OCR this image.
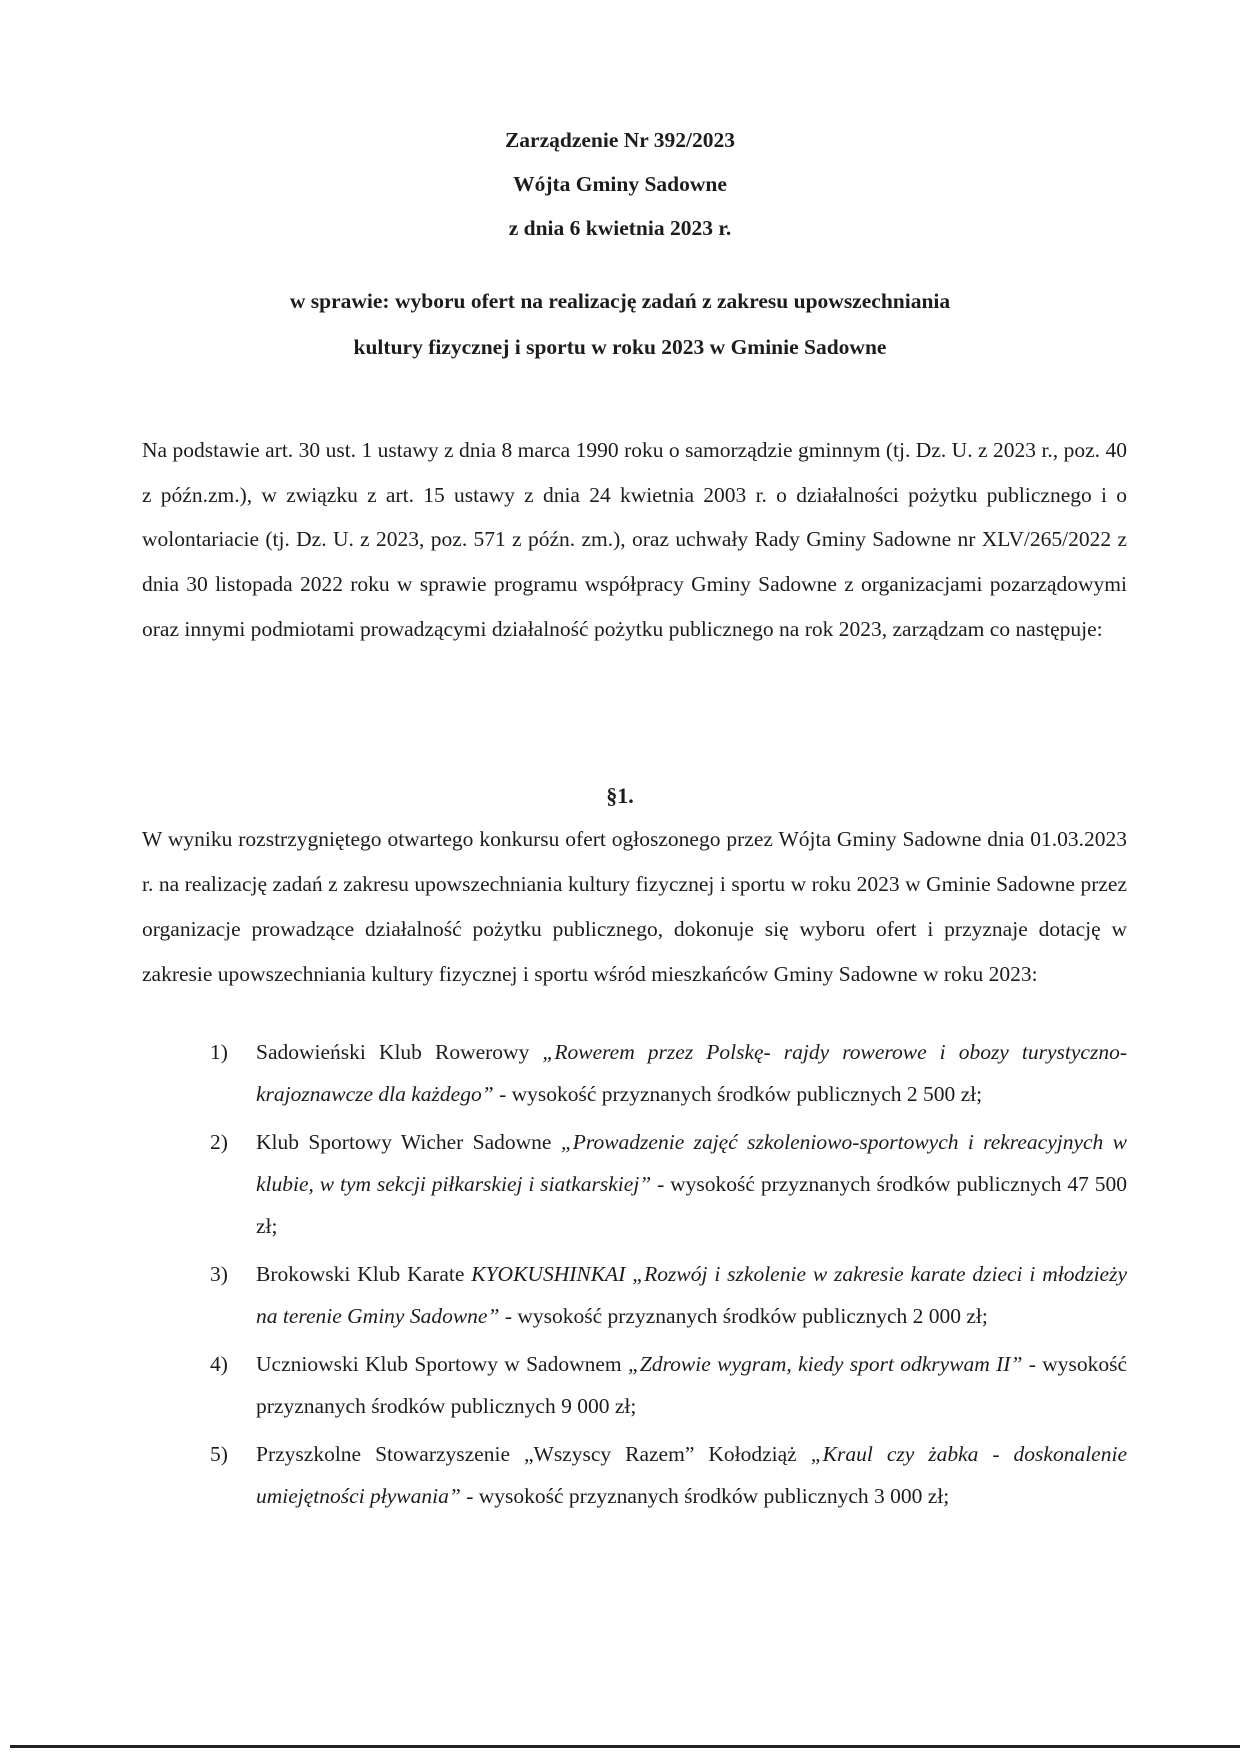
Zarządzenie Nr 392/2023
Wójta Gminy Sadowne
z dnia 6 kwietnia 2023 r.
w sprawie: wyboru ofert na realizację zadań z zakresu upowszechniania
kultury fizycznej i sportu w roku 2023 w Gminie Sadowne
Na podstawie art. 30 ust. 1 ustawy z dnia 8 marca 1990 roku o samorządzie gminnym (tj. Dz. U. z 2023 r., poz. 40 z późn.zm.), w związku z art. 15 ustawy z dnia 24 kwietnia 2003 r. o działalności pożytku publicznego i o wolontariacie (tj. Dz. U. z 2023, poz. 571 z późn. zm.), oraz uchwały Rady Gminy Sadowne nr XLV/265/2022 z dnia 30 listopada 2022 roku w sprawie programu współpracy Gminy Sadowne z organizacjami pozarządowymi oraz innymi podmiotami prowadzącymi działalność pożytku publicznego na rok 2023, zarządzam co następuje:
§1.
W wyniku rozstrzygniętego otwartego konkursu ofert ogłoszonego przez Wójta Gminy Sadowne dnia 01.03.2023 r. na realizację zadań z zakresu upowszechniania kultury fizycznej i sportu w roku 2023 w Gminie Sadowne przez organizacje prowadzące działalność pożytku publicznego, dokonuje się wyboru ofert i przyznaje dotację w zakresie upowszechniania kultury fizycznej i sportu wśród mieszkańców Gminy Sadowne w roku 2023:
1) Sadowieński Klub Rowerowy „Rowerem przez Polskę- rajdy rowerowe i obozy turystyczno-krajoznawcze dla każdego” - wysokość przyznanych środków publicznych 2 500 zł;
2) Klub Sportowy Wicher Sadowne „Prowadzenie zajęć szkoleniowo-sportowych i rekreacyjnych w klubie, w tym sekcji piłkarskiej i siatkarskiej” - wysokość przyznanych środków publicznych 47 500 zł;
3) Brokowski Klub Karate KYOKUSHINKAI „Rozwój i szkolenie w zakresie karate dzieci i młodzieży na terenie Gminy Sadowne” - wysokość przyznanych środków publicznych 2 000 zł;
4) Uczniowski Klub Sportowy w Sadownem „Zdrowie wygram, kiedy sport odkrywam II” - wysokość przyznanych środków publicznych 9 000 zł;
5) Przyszkolne Stowarzyszenie „Wszyscy Razem” Kołodziąż „Kraul czy żabka - doskonalenie umiejętności pływania” - wysokość przyznanych środków publicznych 3 000 zł;
